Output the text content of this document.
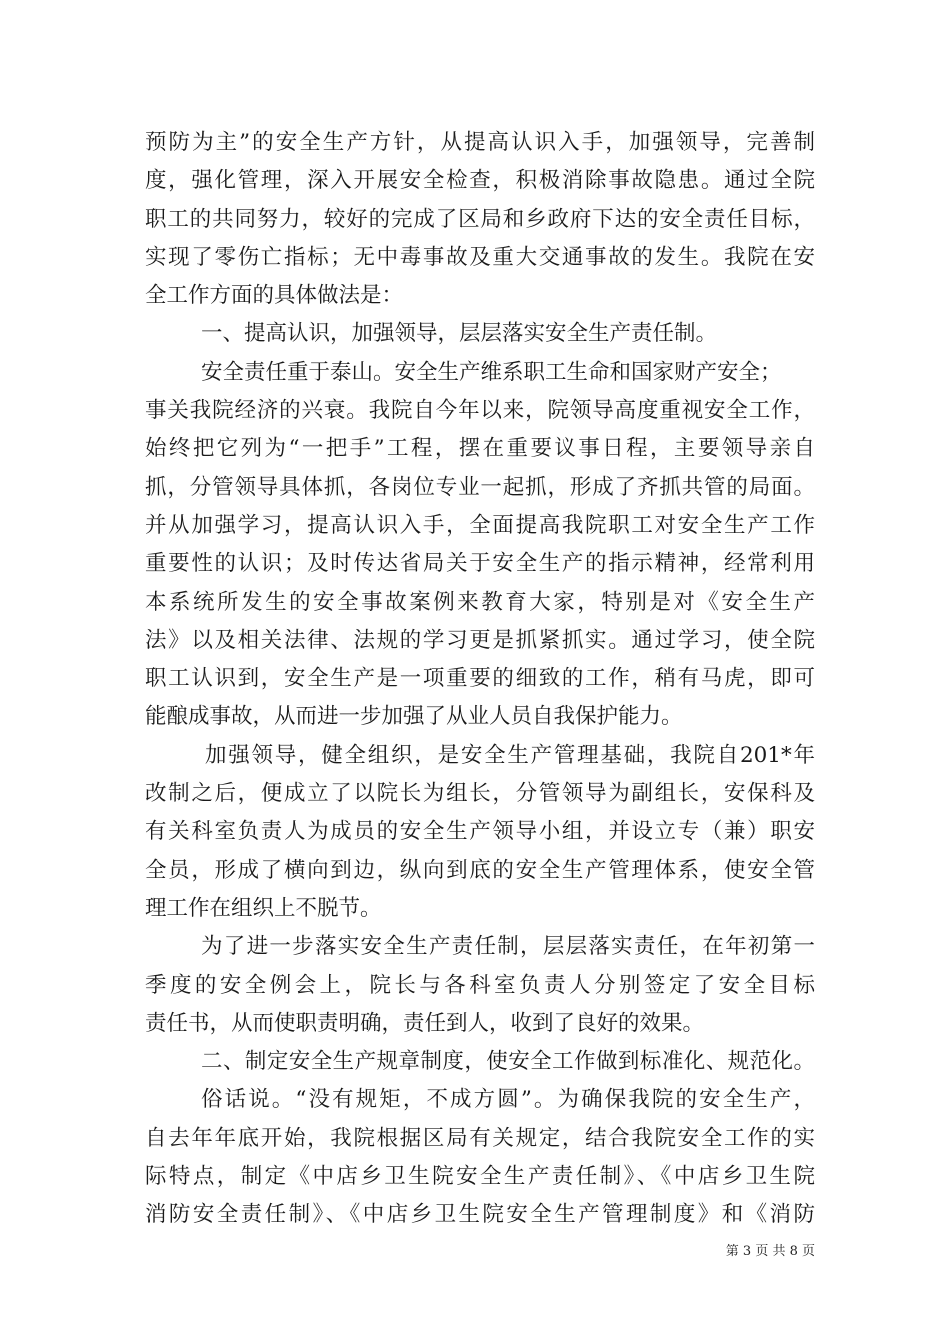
预防为主”的安全生产方针，从提高认识入手，加强领导，完善制
度，强化管理，深入开展安全检查，积极消除事故隐患。通过全院
职工的共同努力，较好的完成了区局和乡政府下达的安全责任目标，
实现了零伤亡指标；无中毒事故及重大交通事故的发生。我院在安
全工作方面的具体做法是：
一、提高认识，加强领导，层层落实安全生产责任制。
安全责任重于泰山。安全生产维系职工生命和国家财产安全；
事关我院经济的兴衰。我院自今年以来，院领导高度重视安全工作，
始终把它列为“一把手”工程，摆在重要议事日程，主要领导亲自
抓，分管领导具体抓，各岗位专业一起抓，形成了齐抓共管的局面。
并从加强学习，提高认识入手，全面提高我院职工对安全生产工作
重要性的认识；及时传达省局关于安全生产的指示精神，经常利用
本系统所发生的安全事故案例来教育大家，特别是对《安全生产
法》以及相关法律、法规的学习更是抓紧抓实。通过学习，使全院
职工认识到，安全生产是一项重要的细致的工作，稍有马虎，即可
能酿成事故，从而进一步加强了从业人员自我保护能力。
加强领导，健全组织，是安全生产管理基础，我院自201*年
改制之后，便成立了以院长为组长，分管领导为副组长，安保科及
有关科室负责人为成员的安全生产领导小组，并设立专（兼）职安
全员，形成了横向到边，纵向到底的安全生产管理体系，使安全管
理工作在组织上不脱节。
为了进一步落实安全生产责任制，层层落实责任，在年初第一
季度的安全例会上，院长与各科室负责人分别签定了安全目标
责任书，从而使职责明确，责任到人，收到了良好的效果。
二、制定安全生产规章制度，使安全工作做到标准化、规范化。
俗话说。“没有规矩，不成方圆”。为确保我院的安全生产，
自去年年底开始，我院根据区局有关规定，结合我院安全工作的实
际特点，制定《中店乡卫生院安全生产责任制》、《中店乡卫生院
消防安全责任制》、《中店乡卫生院安全生产管理制度》和《消防
第 3 页 共 8 页
